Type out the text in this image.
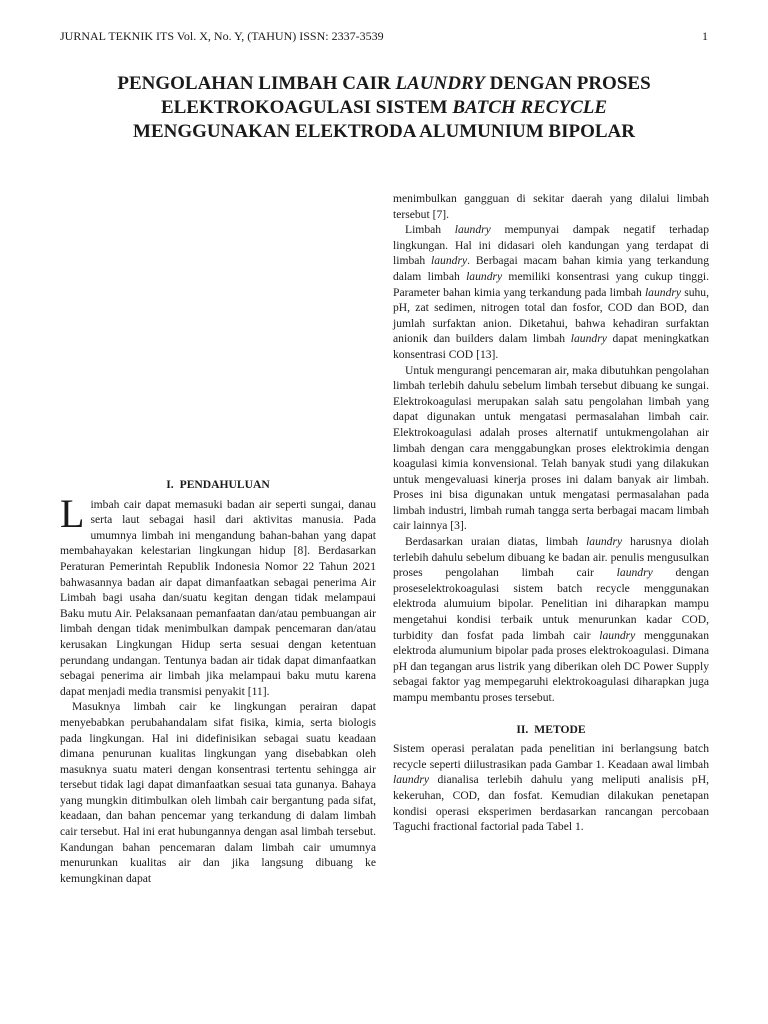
JURNAL TEKNIK ITS Vol. X, No. Y, (TAHUN) ISSN: 2337-3539	1
PENGOLAHAN LIMBAH CAIR LAUNDRY DENGAN PROSES
ELEKTROKOAGULASI SISTEM BATCH RECYCLE
MENGGUNAKAN ELEKTRODA ALUMUNIUM BIPOLAR
I. PENDAHULUAN

Limbah cair dapat memasuki badan air seperti sungai, danau serta laut sebagai hasil dari aktivitas manusia. Pada umumnya limbah ini mengandung bahan-bahan yang dapat membahayakan kelestarian lingkungan hidup [8]. Berdasarkan Peraturan Pemerintah Republik Indonesia Nomor 22 Tahun 2021 bahwasannya badan air dapat dimanfaatkan sebagai penerima Air Limbah bagi usaha dan/suatu kegitan dengan tidak melampaui Baku mutu Air. Pelaksanaan pemanfaatan dan/atau pembuangan air limbah dengan tidak menimbulkan dampak pencemaran dan/atau kerusakan Lingkungan Hidup serta sesuai dengan ketentuan perundang undangan. Tentunya badan air tidak dapat dimanfaatkan sebagai penerima air limbah jika melampaui baku mutu karena dapat menjadi media transmisi penyakit [11].

Masuknya limbah cair ke lingkungan perairan dapat menyebabkan perubahandalam sifat fisika, kimia, serta biologis pada lingkungan. Hal ini didefinisikan sebagai suatu keadaan dimana penurunan kualitas lingkungan yang disebabkan oleh masuknya suatu materi dengan konsentrasi tertentu sehingga air tersebut tidak lagi dapat dimanfaatkan sesuai tata gunanya. Bahaya yang mungkin ditimbulkan oleh limbah cair bergantung pada sifat, keadaan, dan bahan pencemar yang terkandung di dalam limbah cair tersebut. Hal ini erat hubungannya dengan asal limbah tersebut. Kandungan bahan pencemaran dalam limbah cair umumnya menurunkan kualitas air dan jika langsung dibuang ke kemungkinan dapat

menimbulkan gangguan di sekitar daerah yang dilalui limbah tersebut [7].

Limbah laundry mempunyai dampak negatif terhadap lingkungan. Hal ini didasari oleh kandungan yang terdapat di limbah laundry. Berbagai macam bahan kimia yang terkandung dalam limbah laundry memiliki konsentrasi yang cukup tinggi. Parameter bahan kimia yang terkandung pada limbah laundry suhu, pH, zat sedimen, nitrogen total dan fosfor, COD dan BOD, dan jumlah surfaktan anion. Diketahui, bahwa kehadiran surfaktan anionik dan builders dalam limbah laundry dapat meningkatkan konsentrasi COD [13].

Untuk mengurangi pencemaran air, maka dibutuhkan pengolahan limbah terlebih dahulu sebelum limbah tersebut dibuang ke sungai. Elektrokoagulasi merupakan salah satu pengolahan limbah yang dapat digunakan untuk mengatasi permasalahan limbah cair. Elektrokoagulasi adalah proses alternatif untukmengolahan air limbah dengan cara menggabungkan proses elektrokimia dengan koagulasi kimia konvensional. Telah banyak studi yang dilakukan untuk mengevaluasi kinerja proses ini dalam banyak air limbah. Proses ini bisa digunakan untuk mengatasi permasalahan pada limbah industri, limbah rumah tangga serta berbagai macam limbah cair lainnya [3].

Berdasarkan uraian diatas, limbah laundry harusnya diolah terlebih dahulu sebelum dibuang ke badan air. penulis mengusulkan proses pengolahan limbah cair laundry dengan proseselektrokoagulasi sistem batch recycle menggunakan elektroda alumuium bipolar. Penelitian ini diharapkan mampu mengetahui kondisi terbaik untuk menurunkan kadar COD, turbidity dan fosfat pada limbah cair laundry menggunakan elektroda alumunium bipolar pada proses elektrokoagulasi. Dimana pH dan tegangan arus listrik yang diberikan oleh DC Power Supply sebagai faktor yag mempegaruhi elektrokoagulasi diharapkan juga mampu membantu proses tersebut.

II. METODE

Sistem operasi peralatan pada penelitian ini berlangsung batch recycle seperti diilustrasikan pada Gambar 1. Keadaan awal limbah laundry dianalisa terlebih dahulu yang meliputi analisis pH, kekeruhan, COD, dan fosfat. Kemudian dilakukan penetapan kondisi operasi eksperimen berdasarkan rancangan percobaan Taguchi fractional factorial pada Tabel 1.
